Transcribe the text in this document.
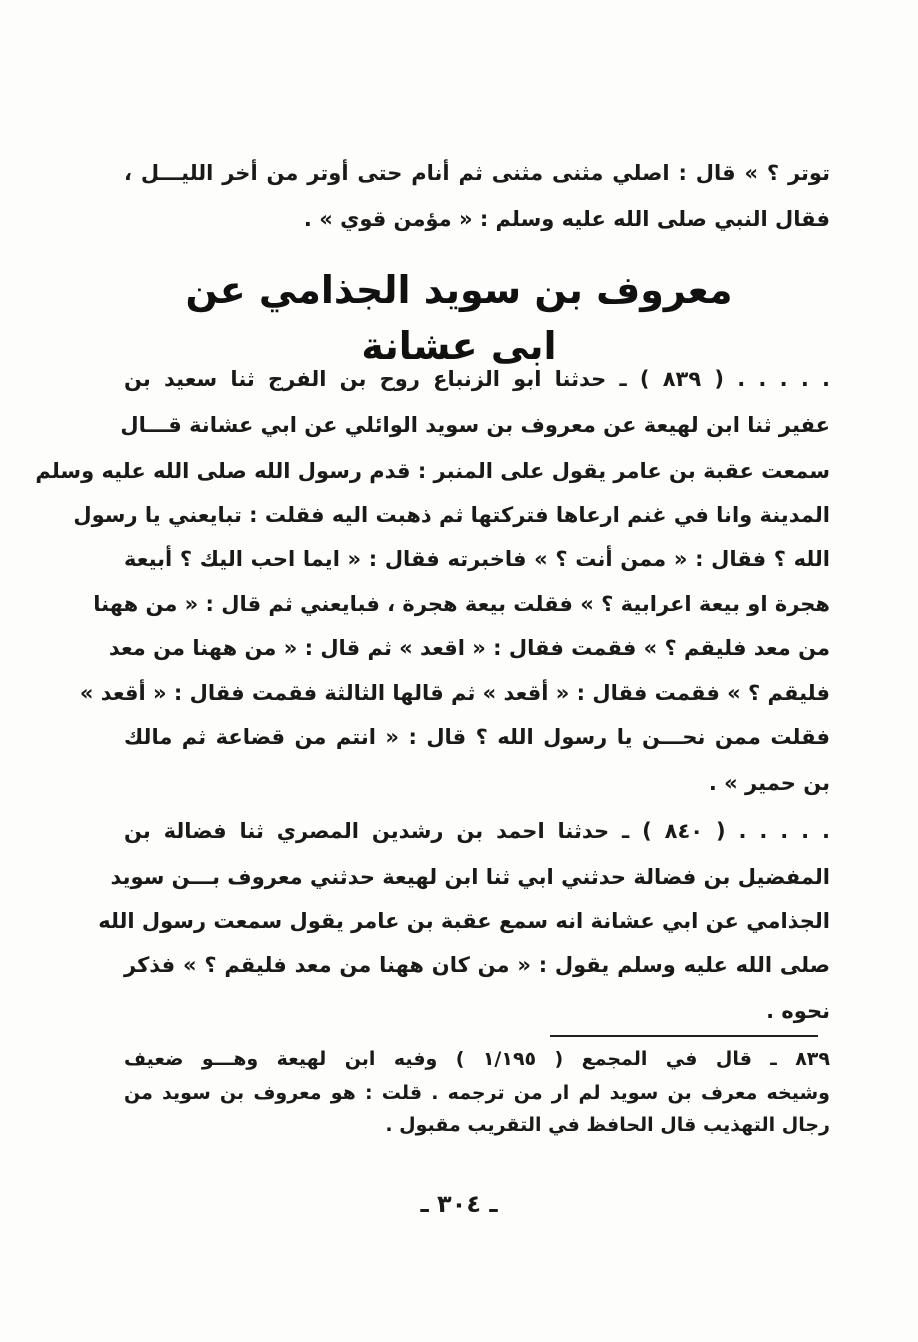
توتر ؟ » قال : اصلي مثنى مثنى ثم أنام حتى أوتر من أخر الليـــل ،
فقال النبي صلى الله عليه وسلم : « مؤمن قوي » .
معروف بن سويد الجذامي عن ابى عشانة
. . . . . ( ٨٣٩ ) ـ حدثنا ابو الزنباع روح بن الفرج ثنا سعيد بن
عفير ثنا ابن لهيعة عن معروف بن سويد الوائلي عن ابي عشانة قـــال
سمعت عقبة بن عامر يقول على المنبر : قدم رسول الله صلى الله عليه وسلم
المدينة وانا في غنم ارعاها فتركتها ثم ذهبت اليه فقلت : تبايعني يا رسول
الله ؟ فقال : « ممن أنت ؟ » فاخبرته فقال : « ايما احب اليك ؟ أبيعة
هجرة او بيعة اعرابية ؟ » فقلت بيعة هجرة ، فبايعني ثم قال : « من ههنا
من معد فليقم ؟ » فقمت فقال : « اقعد » ثم قال : « من ههنا من معد
فليقم ؟ » فقمت فقال : « أقعد » ثم قالها الثالثة فقمت فقال : « أقعد »
فقلت ممن نحـــن يا رسول الله ؟ قال : « انتم من قضاعة ثم مالك
بن حمير » .
. . . . . ( ٨٤٠ ) ـ حدثنا احمد بن رشدين المصري ثنا فضالة بن
المفضيل بن فضالة حدثني ابي ثنا ابن لهيعة حدثني معروف بـــن سويد
الجذامي عن ابي عشانة انه سمع عقبة بن عامر يقول سمعت رسول الله
صلى الله عليه وسلم يقول : « من كان ههنا من معد فليقم ؟ » فذكر
نحوه .
٨٣٩ ـ قال في المجمع ( ١/١٩٥ ) وفيه ابن لهيعة وهـــو ضعيف
وشيخه معرف بن سويد لم ار من ترجمه . قلت : هو معروف بن سويد من
رجال التهذيب قال الحافظ في التقريب مقبول .
ـ ٣٠٤ ـ
